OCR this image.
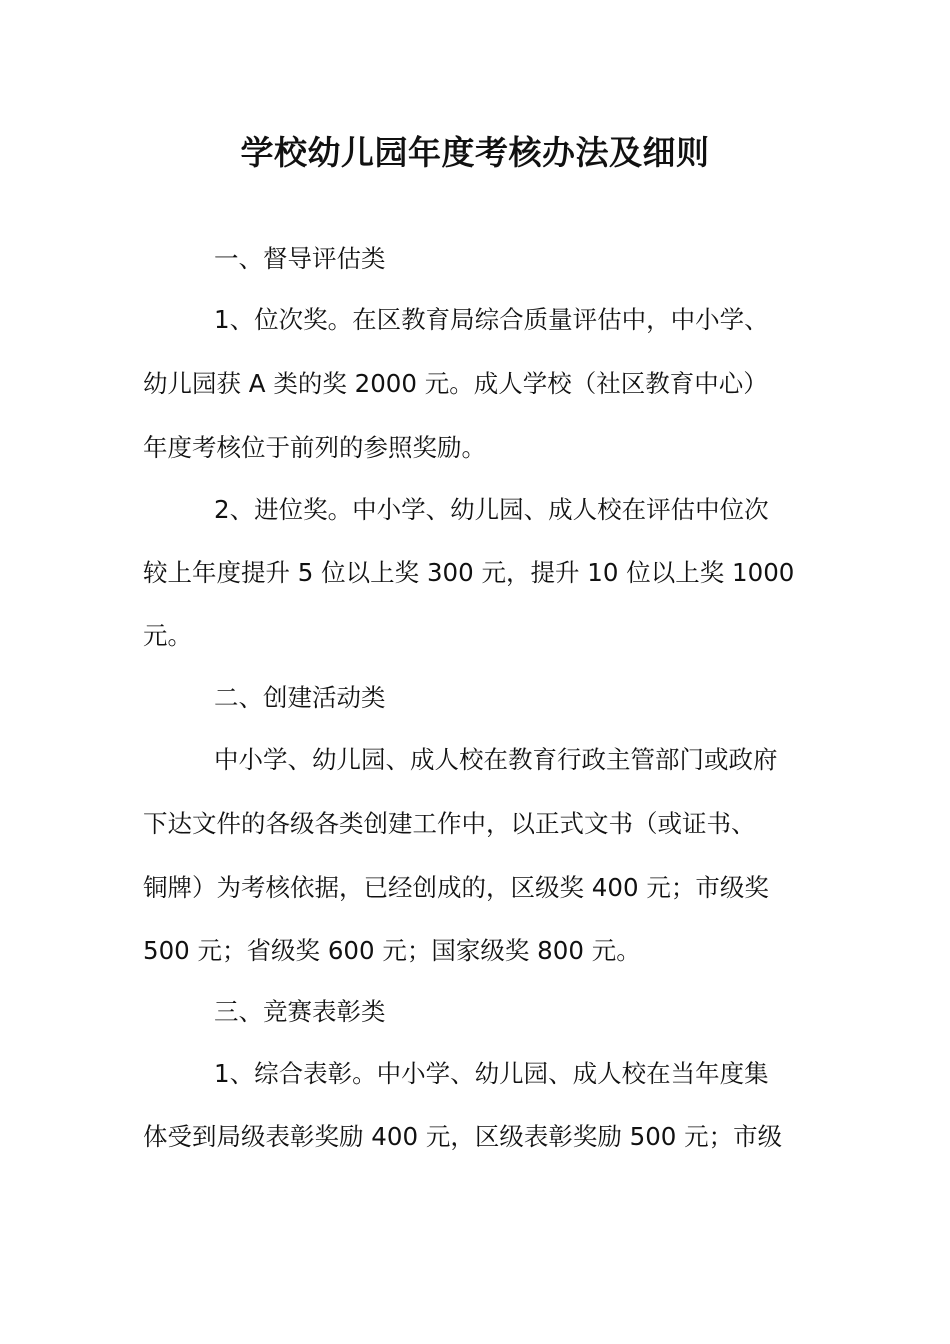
学校幼儿园年度考核办法及细则
一、督导评估类
1、位次奖。在区教育局综合质量评估中，中小学、
幼儿园获 A 类的奖 2000 元。成人学校（社区教育中心）
年度考核位于前列的参照奖励。
2、进位奖。中小学、幼儿园、成人校在评估中位次
较上年度提升 5 位以上奖 300 元，提升 10 位以上奖 1000
元。
二、创建活动类
中小学、幼儿园、成人校在教育行政主管部门或政府
下达文件的各级各类创建工作中，以正式文书（或证书、
铜牌）为考核依据，已经创成的，区级奖 400 元；市级奖
500 元；省级奖 600 元；国家级奖 800 元。
三、竞赛表彰类
1、综合表彰。中小学、幼儿园、成人校在当年度集
体受到局级表彰奖励 400 元，区级表彰奖励 500 元；市级
